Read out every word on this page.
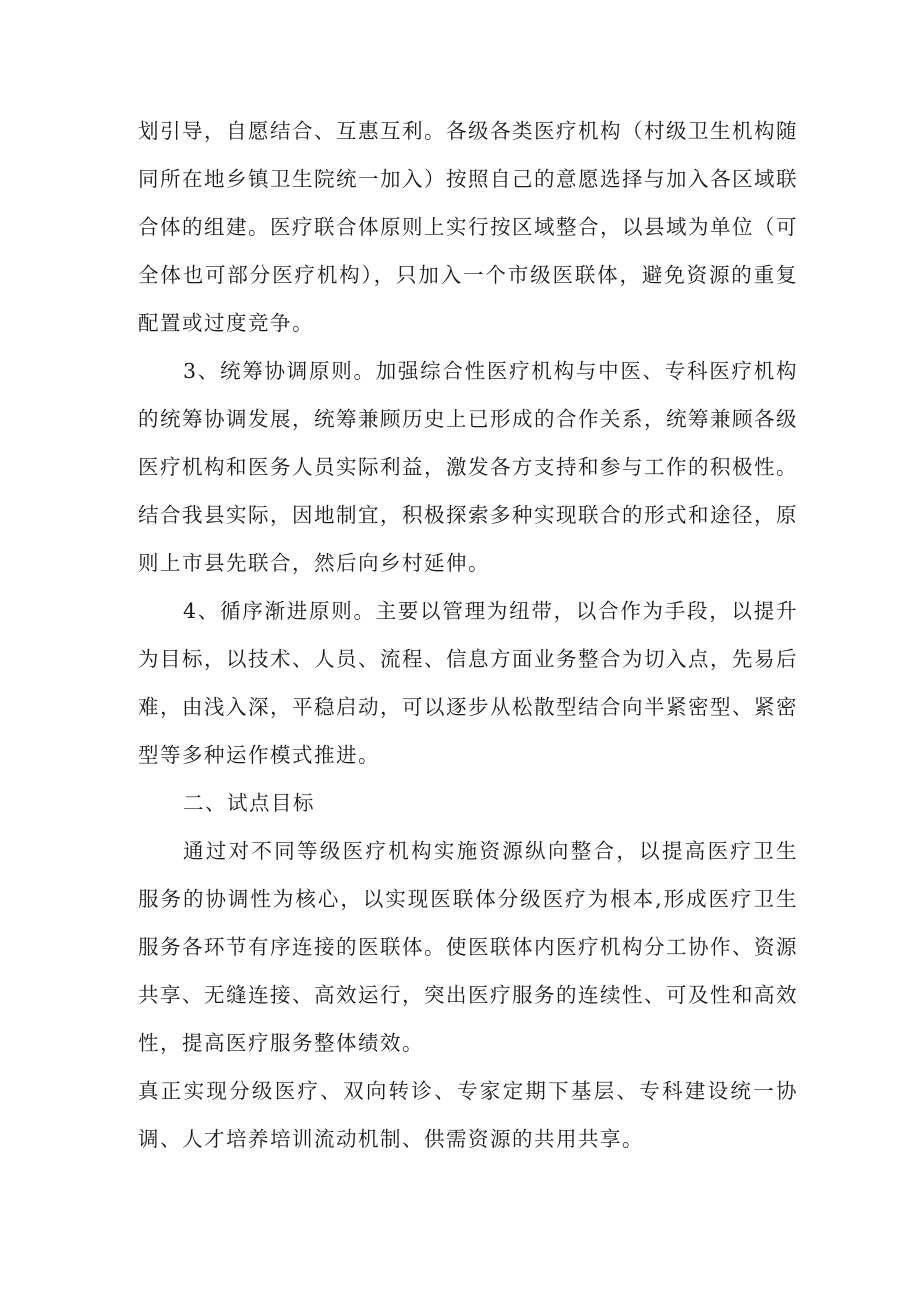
划引导，自愿结合、互惠互利。各级各类医疗机构（村级卫生机构随同所在地乡镇卫生院统一加入）按照自己的意愿选择与加入各区域联合体的组建。医疗联合体原则上实行按区域整合，以县域为单位（可全体也可部分医疗机构），只加入一个市级医联体，避免资源的重复配置或过度竞争。

3、统筹协调原则。加强综合性医疗机构与中医、专科医疗机构的统筹协调发展，统筹兼顾历史上已形成的合作关系，统筹兼顾各级医疗机构和医务人员实际利益，激发各方支持和参与工作的积极性。结合我县实际，因地制宜，积极探索多种实现联合的形式和途径，原则上市县先联合，然后向乡村延伸。

4、循序渐进原则。主要以管理为纽带，以合作为手段，以提升为目标，以技术、人员、流程、信息方面业务整合为切入点，先易后难，由浅入深，平稳启动，可以逐步从松散型结合向半紧密型、紧密型等多种运作模式推进。

二、试点目标

通过对不同等级医疗机构实施资源纵向整合，以提高医疗卫生服务的协调性为核心，以实现医联体分级医疗为根本,形成医疗卫生服务各环节有序连接的医联体。使医联体内医疗机构分工协作、资源共享、无缝连接、高效运行，突出医疗服务的连续性、可及性和高效性，提高医疗服务整体绩效。

真正实现分级医疗、双向转诊、专家定期下基层、专科建设统一协调、人才培养培训流动机制、供需资源的共用共享。
